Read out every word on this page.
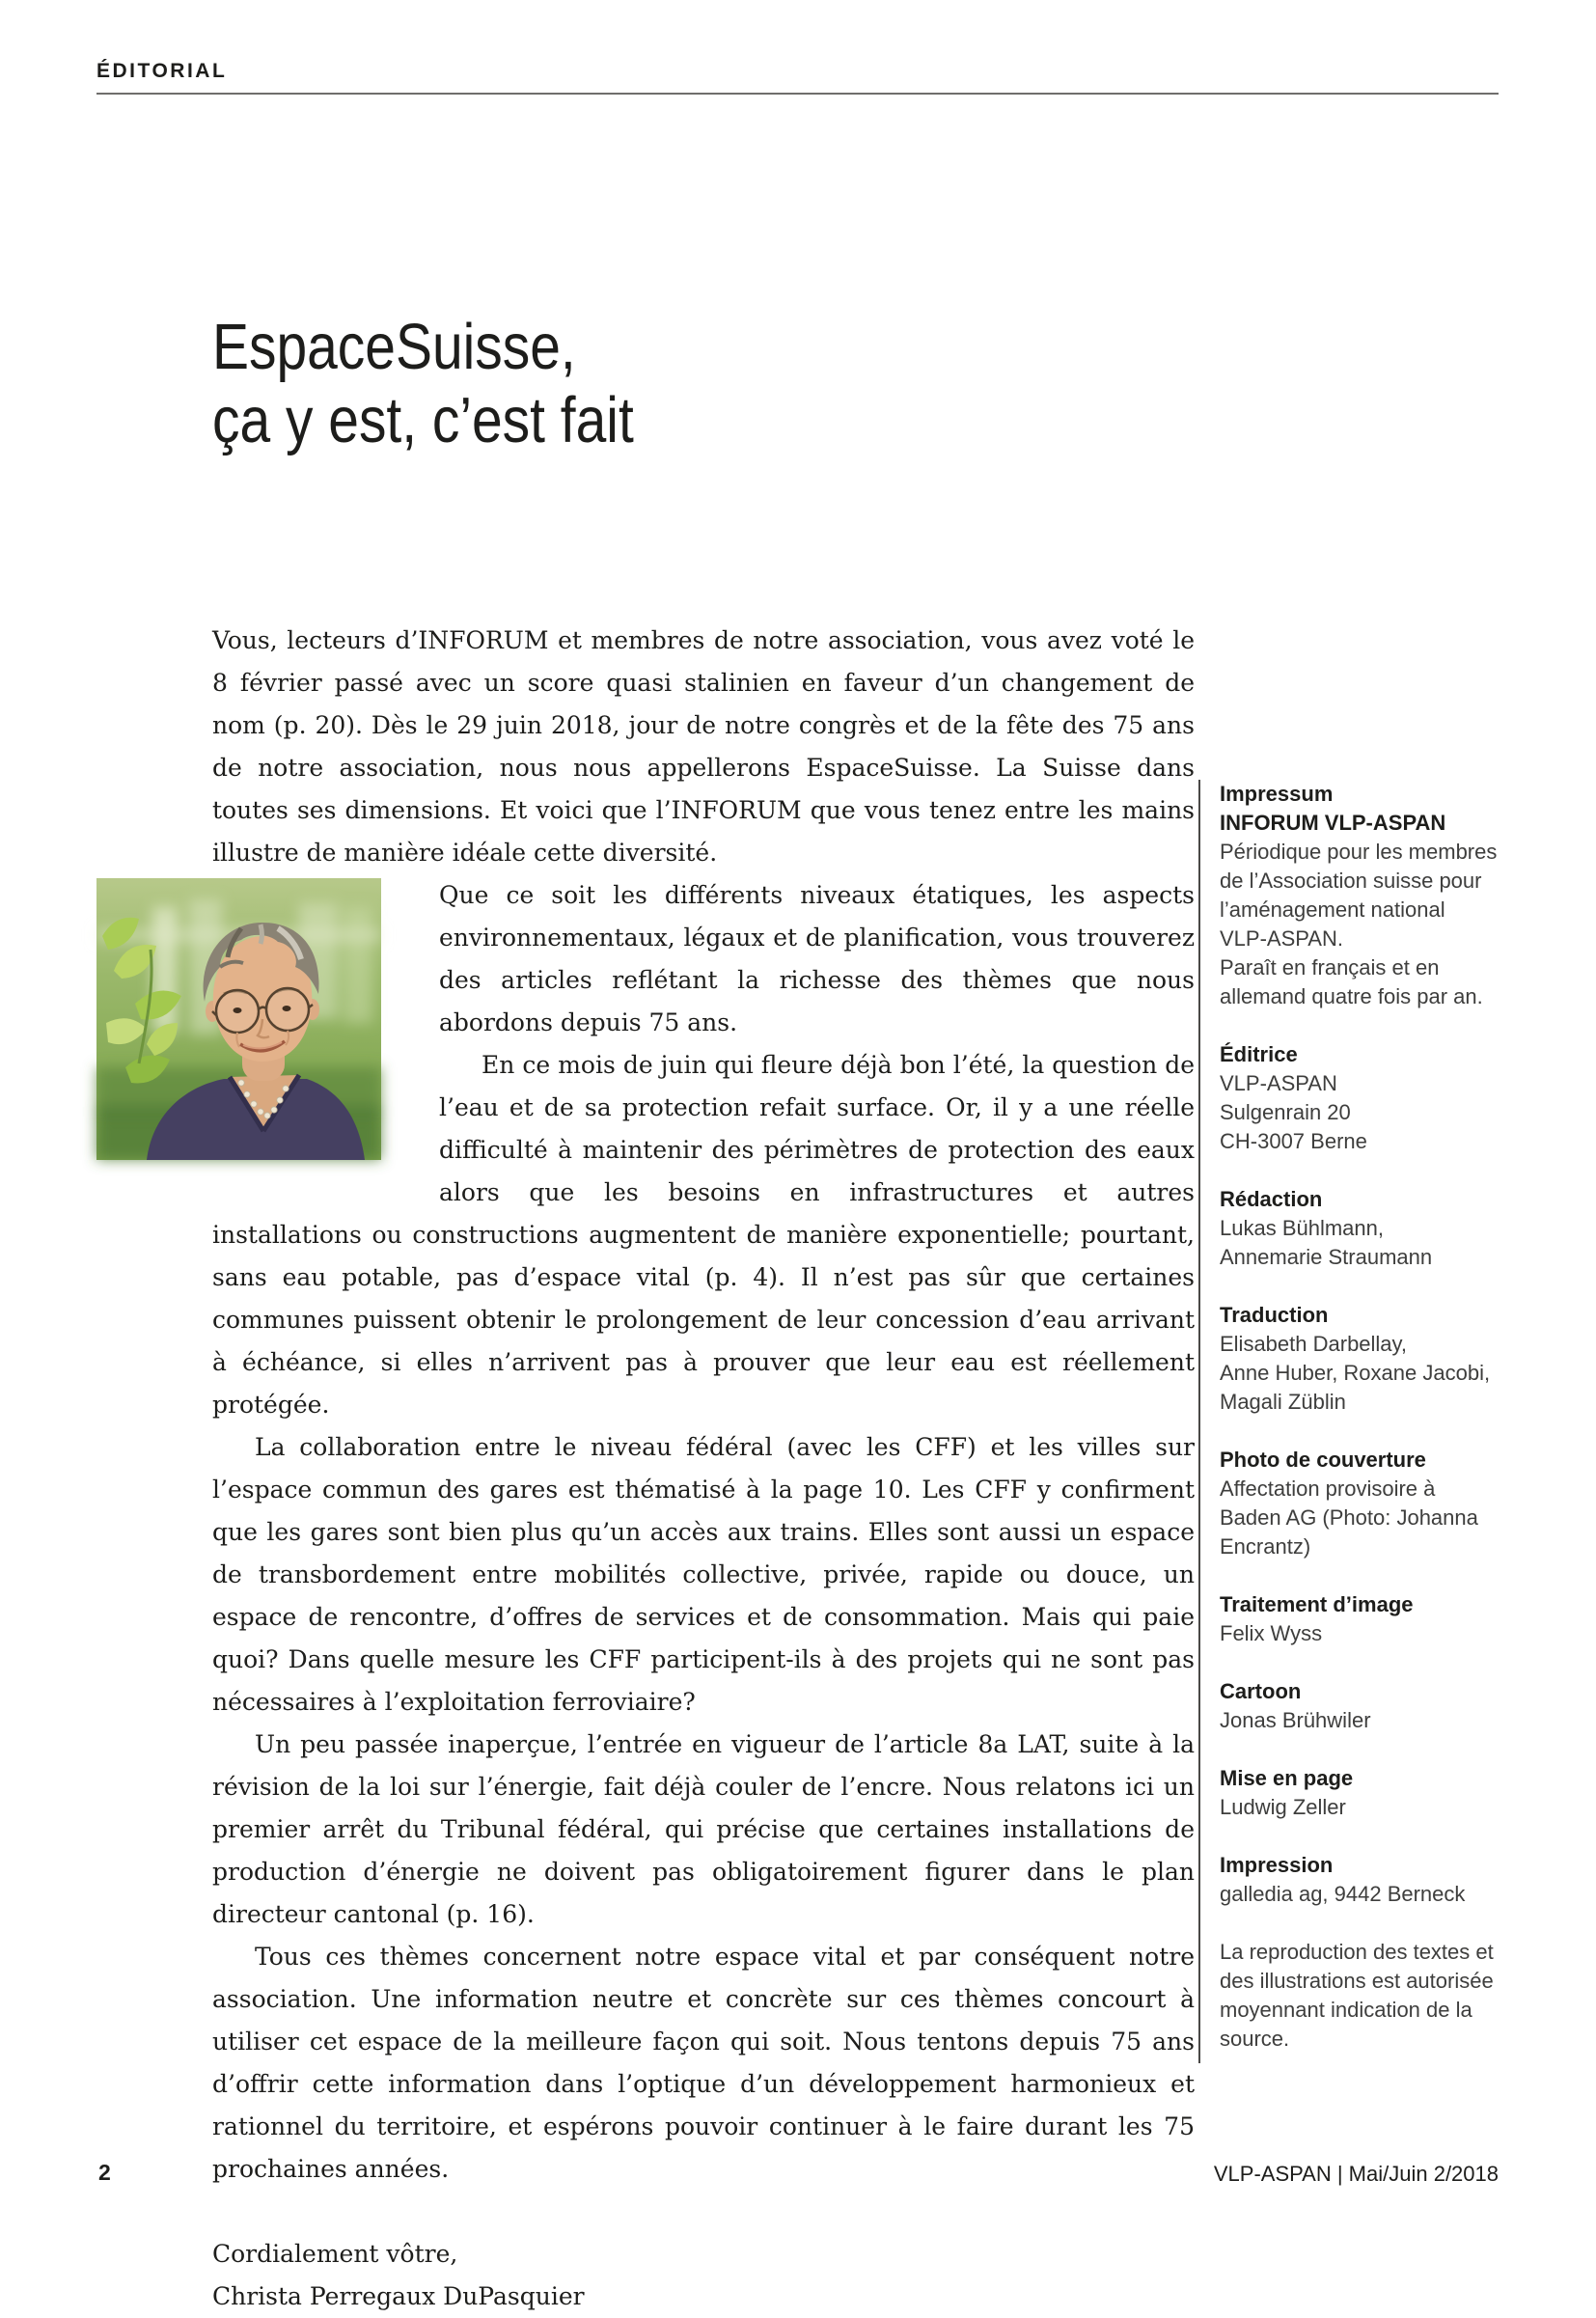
ÉDITORIAL
EspaceSuisse,
ça y est, c’est fait

Vous, lecteurs d’INFORUM et membres de notre association, vous avez voté le 8 février passé avec un score quasi stalinien en faveur d’un changement de nom (p. 20). Dès le 29 juin 2018, jour de notre congrès et de la fête des 75 ans de notre association, nous nous appellerons EspaceSuisse. La Suisse dans toutes ses dimensions. Et voici que l’INFORUM que vous tenez entre les mains illustre de manière idéale cette diversité.

Que ce soit les différents niveaux étatiques, les aspects environnementaux, légaux et de planification, vous trouverez des articles reflétant la richesse des thèmes que nous abordons depuis 75 ans.

En ce mois de juin qui fleure déjà bon l’été, la question de l’eau et de sa protection refait surface. Or, il y a une réelle difficulté à maintenir des périmètres de protection des eaux alors que les besoins en infrastructures et autres installations ou constructions augmentent de manière exponentielle; pourtant, sans eau potable, pas d’espace vital (p. 4). Il n’est pas sûr que certaines communes puissent obtenir le prolongement de leur concession d’eau arrivant à échéance, si elles n’arrivent pas à prouver que leur eau est réellement protégée.

La collaboration entre le niveau fédéral (avec les CFF) et les villes sur l’espace commun des gares est thématisé à la page 10. Les CFF y confirment que les gares sont bien plus qu’un accès aux trains. Elles sont aussi un espace de transbordement entre mobilités collective, privée, rapide ou douce, un espace de rencontre, d’offres de services et de consommation. Mais qui paie quoi? Dans quelle mesure les CFF participent-ils à des projets qui ne sont pas nécessaires à l’exploitation ferroviaire?

Un peu passée inaperçue, l’entrée en vigueur de l’article 8a LAT, suite à la révision de la loi sur l’énergie, fait déjà couler de l’encre. Nous relatons ici un premier arrêt du Tribunal fédéral, qui précise que certaines installations de production d’énergie ne doivent pas obligatoirement figurer dans le plan directeur cantonal (p. 16).

Tous ces thèmes concernent notre espace vital et par conséquent notre association. Une information neutre et concrète sur ces thèmes concourt à utiliser cet espace de la meilleure façon qui soit. Nous tentons depuis 75 ans d’offrir cette information dans l’optique d’un développement harmonieux et rationnel du territoire, et espérons pouvoir continuer à le faire durant les 75 prochaines années.

Cordialement vôtre,

Christa Perregaux DuPasquier

Impressum
INFORUM VLP-ASPAN
Périodique pour les membres
de l’Association suisse pour
l’aménagement national
VLP-ASPAN.
Paraît en français et en
allemand quatre fois par an.
Éditrice
VLP-ASPAN
Sulgenrain 20
CH-3007 Berne
Rédaction
Lukas Bühlmann,
Annemarie Straumann
Traduction
Elisabeth Darbellay,
Anne Huber, Roxane Jacobi,
Magali Züblin
Photo de couverture
Affectation provisoire à
Baden AG (Photo: Johanna
Encrantz)
Traitement d’image
Felix Wyss
Cartoon
Jonas Brühwiler
Mise en page
Ludwig Zeller
Impression
galledia ag, 9442 Berneck

La reproduction des textes et
des illustrations est autorisée
moyennant indication de la
source.

2	VLP-ASPAN | Mai/Juin 2/2018
